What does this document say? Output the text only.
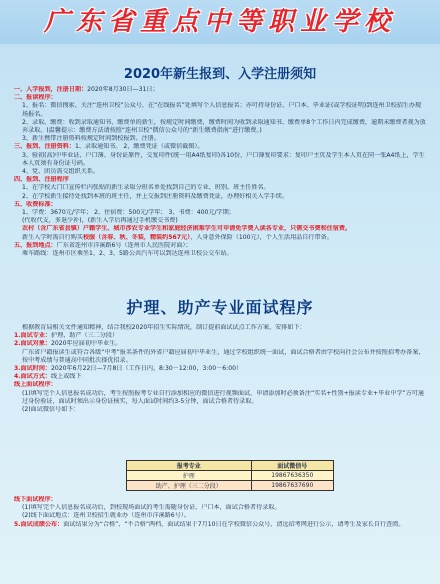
广东省重点中等职业学校
2020年新生报到、入学注册须知

一、入学报到，注册日期：2020年8月30日—31日；

二、报读程序：

1、报名：微信搜索、关注“连州卫校”公众号，在“在线报名”处填写个人信息报名；亦可持身份证、户口本、毕业证(或学校证明)到连州卫校招生办现场报名。

2、录取、缴费：收到录取通知书、缴费单的新生，按规定时间缴费，缴费时间为收到录取通知书、缴费单8个工作日内完成缴费，逾期未缴费者视为放弃录取。(温馨提示：缴费方法请按照“连州卫校”微信公众号的“新生缴费指南”进行缴费。)

3、新生携带注册资料按规定时间到校报到、注册。

三、报到、注册资料：1、录取通知书。 2、缴费凭证（或微信截图）。

3、验初(高)中毕业证、户口簿、身份证原件，交复印件(统一用A4纸复印)各10份，户口簿复印要求：复印户主页及学生本人页在同一张A4纸上，学生本人页须有身份证号码。

4、党、团员需交组织关系。

四、报到、注册程序

1、在学校大门口宣传栏内张贴的新生录取分班名单处找到自己的专业、班别、班主任姓名。

2、在学校新生接待处找到本班的班主任，并上交报到注册资料及缴费凭证，办理好相关入学手续。

五、收费标准：

1、学费：3670元/学年； 2、住宿费：500元/学年； 3、书费：400元/学期；

(代收代支，多退少补)，(新生入学后再通过手机缴交书费)

农村（含广东省县镇）户籍学生、城市涉农专业学生和家庭经济困难学生可申请免学费入读各专业，只需交书费和住宿费。

新生入学时需自行购买校服（含春、秋、冬装，精装约567元），人身意外保险（100元），个人生活用品自行带备。

五、报到地点：广东省连州市洋溪路6号（连州市人民医院对面）；

乘车路线：连州市区乘坐1、2、3、5路公共汽车可以到达连州卫校公交车站。

护理、助产专业面试程序

根据教育局相关文件通知精神，结合我校2020年招生实际情况，制订提前面试试点工作方案，安排如下：

1.面试专业：护理、助产（三二分段）

2.面试对象：2020年应届初中毕业生。

广东省户籍报读生或符合各级“中考”报名条件的外省户籍应届初中毕业生，通过学校组织统一面试，面试合格者由学校向社会公布并按照招考办备案，按中考成绩与普通高中同批次择优招录。

3.面试时间：2020年6月22日—7月8日（工作日内，8:30－12:00，3:00－6:00）

4.面试方式：线上或线下

线上面试程序：

(1)填写完个人信息报名成功后，考生按照报考专业自行添加相应的微信进行视频面试，申请添加时必须备注“实名+性别+报读专业+毕业中学”方可通过身份验证，面试时须出示身份证核实，每人面试时间约3-5分钟，面试合格者待录取。

(2)面试微信号如下：

报考专业	面试微信号
护理	19867636350
助产、护理（三二分段）	19867637690

线下面试程序：

(1)填写完个人信息报名成功后，到校现场面试的考生需随身份证、户口本，面试合格者待录取。

(2)线下面试地点：连州卫校招生就业办（连州市洋溪路6号）。

5.面试成绩公布：面试结果分为“合格”、“不合格”两档，面试结果于7月10日在学校微信公众号、清远招考网进行公示，请考生及家长自行查阅。
